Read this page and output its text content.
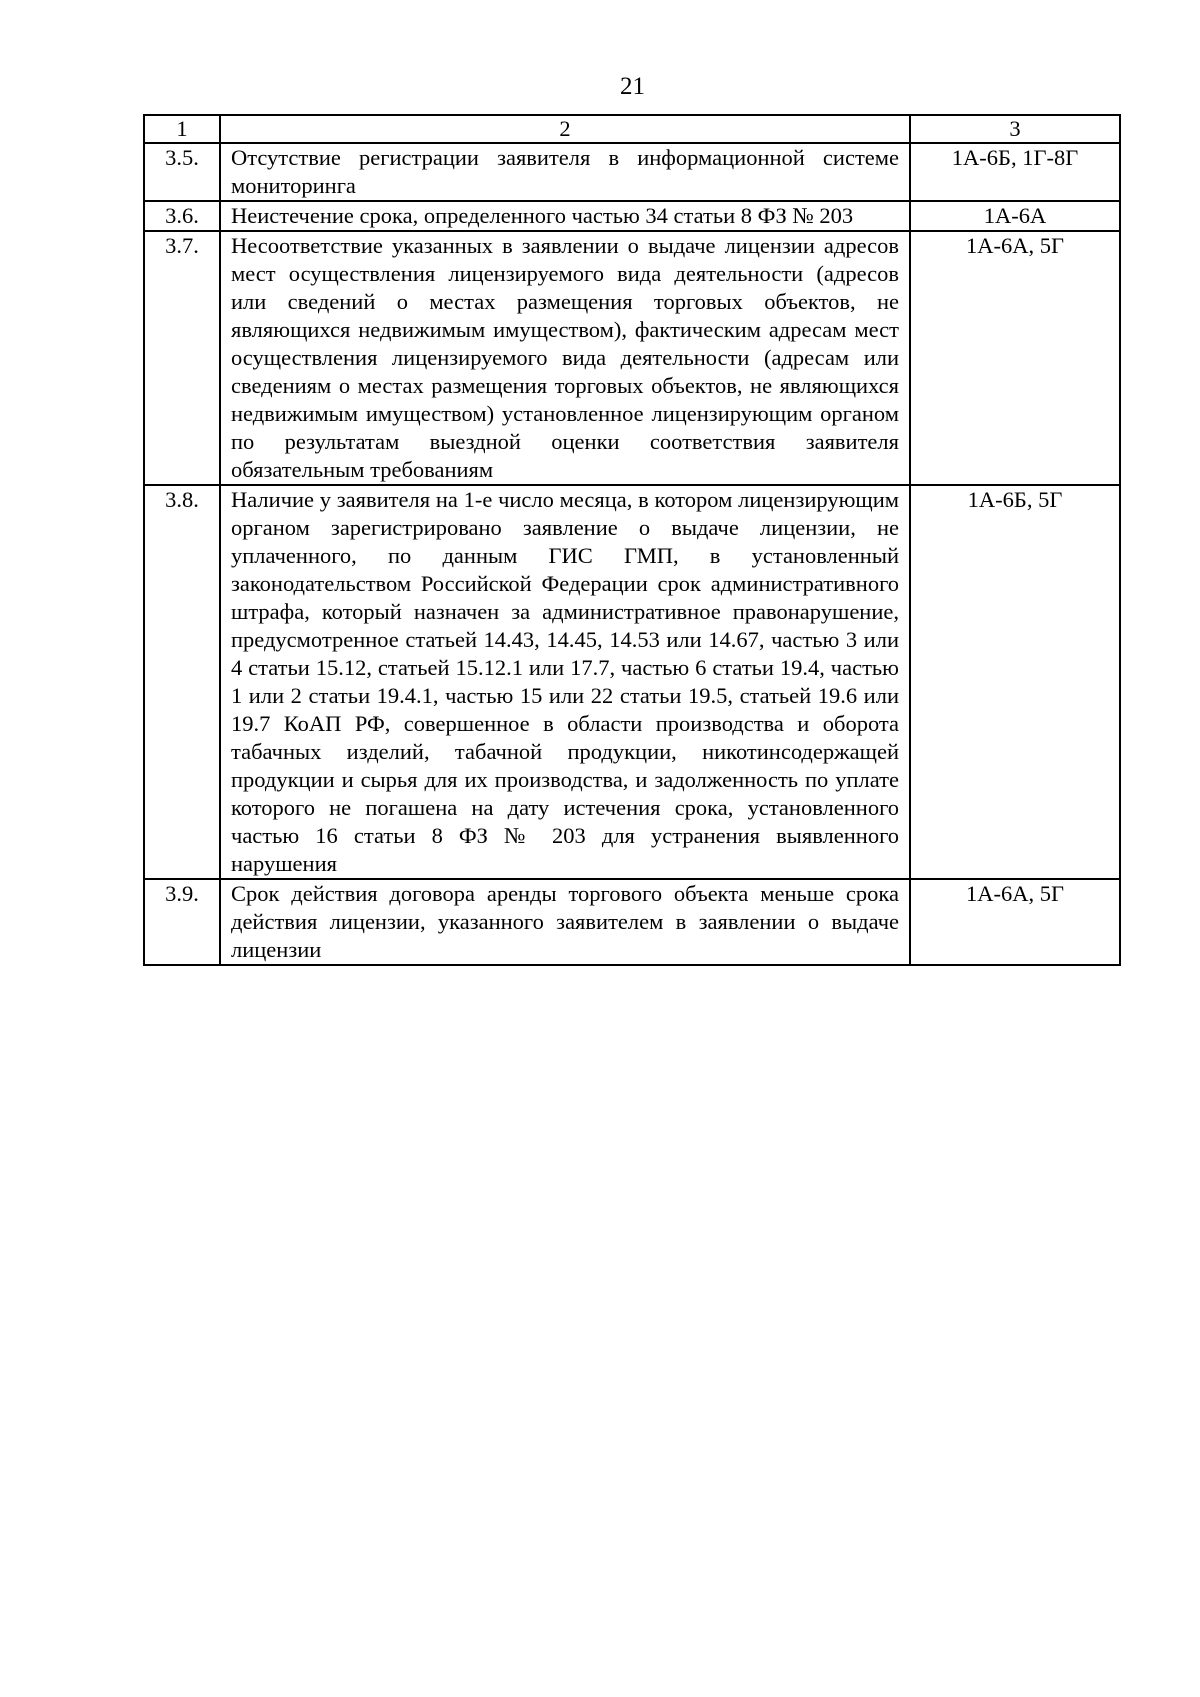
21
1	2	3
3.5.	Отсутствие регистрации заявителя в информационной системе мониторинга	1А-6Б, 1Г-8Г
3.6.	Неистечение срока, определенного частью 34 статьи 8 ФЗ № 203	1А-6А
3.7.	Несоответствие указанных в заявлении о выдаче лицензии адресов мест осуществления лицензируемого вида деятельности (адресов или сведений о местах размещения торговых объектов, не являющихся недвижимым имуществом), фактическим адресам мест осуществления лицензируемого вида деятельности (адресам или сведениям о местах размещения торговых объектов, не являющихся недвижимым имуществом) установленное лицензирующим органом по результатам выездной оценки соответствия заявителя обязательным требованиям	1А-6А, 5Г
3.8.	Наличие у заявителя на 1-е число месяца, в котором лицензирующим органом зарегистрировано заявление о выдаче лицензии, не уплаченного, по данным ГИС ГМП, в установленный законодательством Российской Федерации срок административного штрафа, который назначен за административное правонарушение, предусмотренное статьей 14.43, 14.45, 14.53 или 14.67, частью 3 или 4 статьи 15.12, статьей 15.12.1 или 17.7, частью 6 статьи 19.4, частью 1 или 2 статьи 19.4.1, частью 15 или 22 статьи 19.5, статьей 19.6 или 19.7 КоАП РФ, совершенное в области производства и оборота табачных изделий, табачной продукции, никотинсодержащей продукции и сырья для их производства, и задолженность по уплате которого не погашена на дату истечения срока, установленного частью 16 статьи 8 ФЗ № 203 для устранения выявленного нарушения	1А-6Б, 5Г
3.9.	Срок действия договора аренды торгового объекта меньше срока действия лицензии, указанного заявителем в заявлении о выдаче лицензии	1А-6А, 5Г
